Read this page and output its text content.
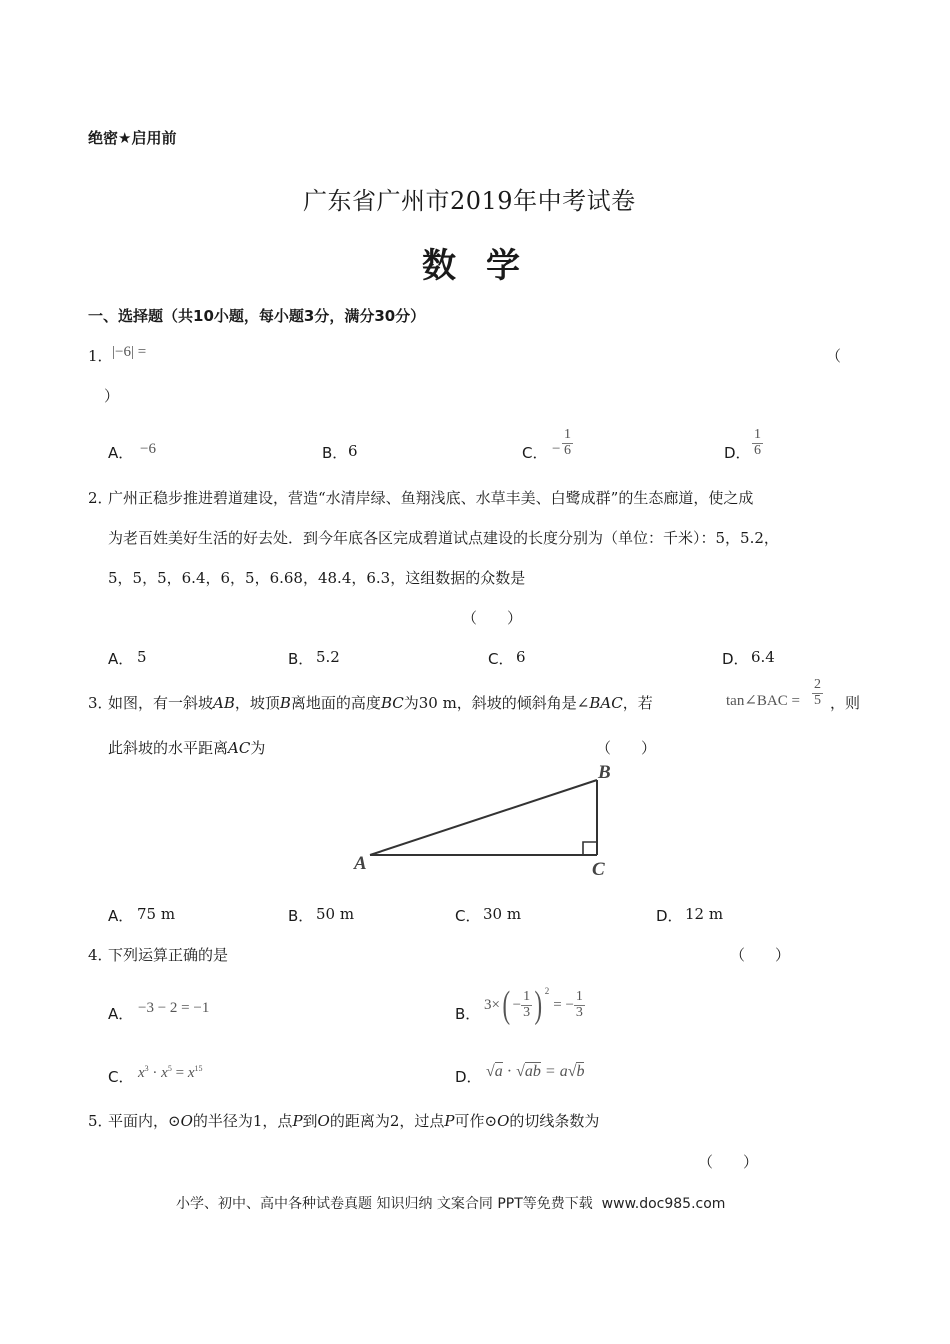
绝密★启用前
广东省广州市2019年中考试卷
数学
一、选择题（共10小题，每小题3分，满分30分）
1． |−6| =	（
）
A． −6	B． 6	C． − $\frac{1}{6}$	D． $\frac{1}{6}$
2．
广州正稳步推进碧道建设，营造“水清岸绿、鱼翔浅底、水草丰美、白鹭成群”的生态廊道，使之成
为老百姓美好生活的好去处．到今年底各区完成碧道试点建设的长度分别为（单位：千米）：5，5.2，
5，5，5，6.4，6，5，6.68，48.4，6.3，这组数据的众数是
（　　）
A． 5	B． 5.2	C． 6	D． 6.4
3．
如图，有一斜坡AB，坡顶B离地面的高度BC为30 m，斜坡的倾斜角是∠BAC，若	tan∠BAC = $\frac{2}{5}$ ，则
此斜坡的水平距离AC为	（　　）
A
B
C
A． 75 m	B． 50 m	C． 30 m	D． 12 m
4．
下列运算正确的是	（　　）
A． −3 − 2 = −1	B．
3× ( − $\frac{1}{3}$ ) 2
= − $\frac{1}{3}$
C． $x^3 \cdot x^5 = x^{15}$	D． √a · √ab = a√b
5．
平面内，⊙O的半径为1，点P到O的距离为2，过点P可作⊙O的切线条数为
（　　）
小学、初中、高中各种试卷真题 知识归纳 文案合同 PPT等免费下载  www.doc985.com
